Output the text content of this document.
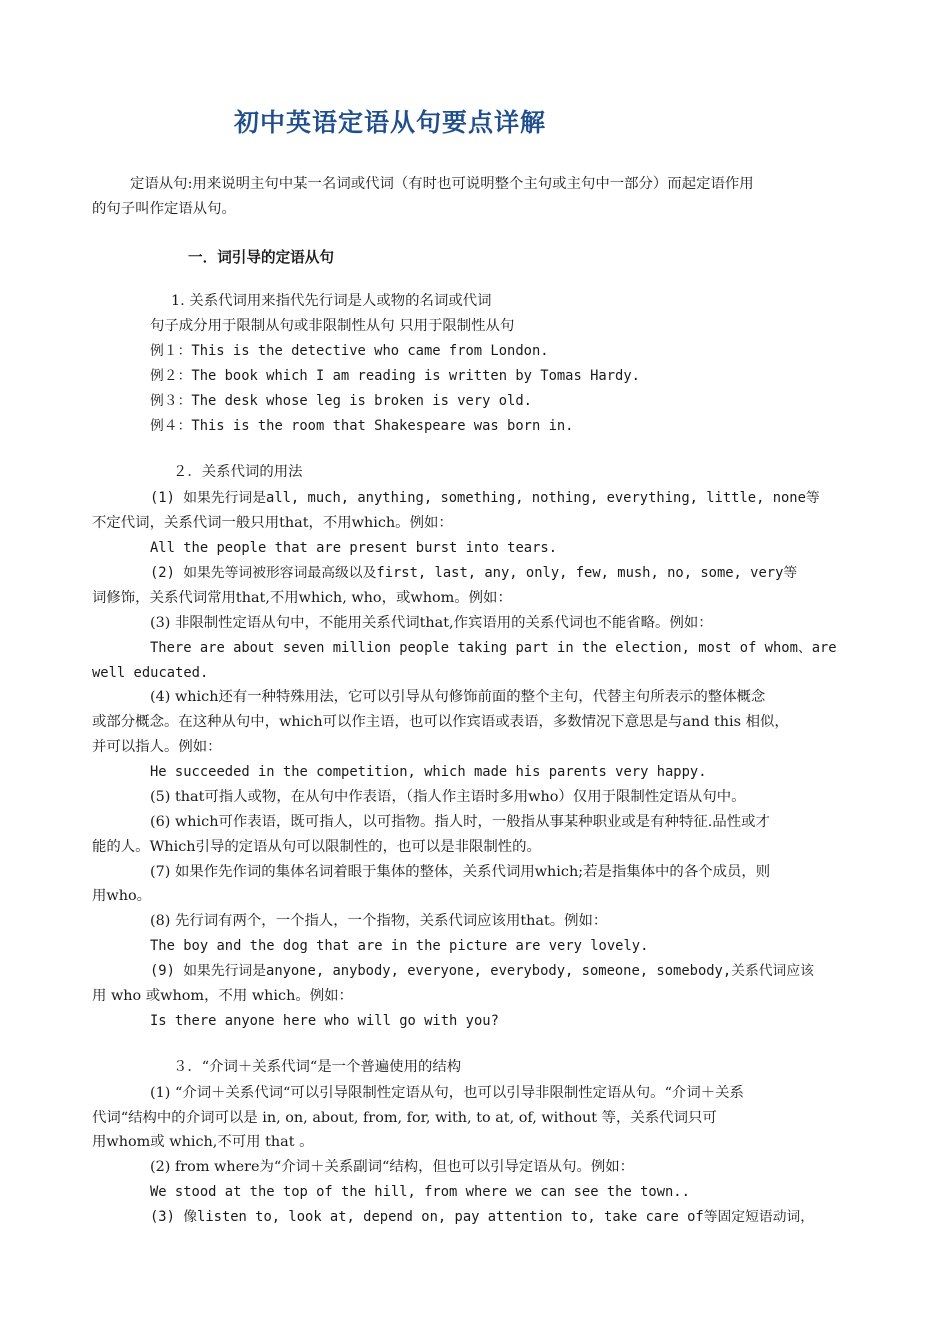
初中英语定语从句要点详解
定语从句:用来说明主句中某一名词或代词（有时也可说明整个主句或主句中一部分）而起定语作用
的句子叫作定语从句。
一．词引导的定语从句
1. 关系代词用来指代先行词是人或物的名词或代词
句子成分用于限制从句或非限制性从句 只用于限制性从句
例１：This is the detective who came from London.
例２：The book which I am reading is written by Tomas Hardy.
例３：The desk whose leg is broken is very old.
例４：This is the room that Shakespeare was born in.
２．关系代词的用法
(1) 如果先行词是all, much, anything, something, nothing, everything, little, none等
不定代词，关系代词一般只用that，不用which。例如：
All the people that are present burst into tears.
(2) 如果先等词被形容词最高级以及first, last, any, only, few, mush, no, some, very等
词修饰，关系代词常用that,不用which, who，或whom。例如：
(3) 非限制性定语从句中，不能用关系代词that,作宾语用的关系代词也不能省略。例如：
There are about seven million people taking part in the election, most of whom、are
well educated.
(4) which还有一种特殊用法，它可以引导从句修饰前面的整个主句，代替主句所表示的整体概念
或部分概念。在这种从句中，which可以作主语，也可以作宾语或表语，多数情况下意思是与and this 相似，
并可以指人。例如：
He succeeded in the competition, which made his parents very happy.
(5) that可指人或物，在从句中作表语，（指人作主语时多用who）仅用于限制性定语从句中。
(6) which可作表语，既可指人，以可指物。指人时，一般指从事某种职业或是有种特征.品性或才
能的人。Which引导的定语从句可以限制性的，也可以是非限制性的。
(7) 如果作先作词的集体名词着眼于集体的整体，关系代词用which;若是指集体中的各个成员，则
用who。
(8) 先行词有两个，一个指人，一个指物，关系代词应该用that。例如：
The boy and the dog that are in the picture are very lovely.
(9) 如果先行词是anyone, anybody, everyone, everybody, someone, somebody,关系代词应该
用 who 或whom，不用 which。例如：
Is there anyone here who will go with you?
３．“介词＋关系代词“是一个普遍使用的结构
(1) “介词＋关系代词“可以引导限制性定语从句，也可以引导非限制性定语从句。“介词＋关系
代词“结构中的介词可以是 in, on, about, from, for, with, to at, of, without 等，关系代词只可
用whom或 which,不可用 that 。
(2) from where为“介词＋关系副词“结构，但也可以引导定语从句。例如：
We stood at the top of the hill, from where we can see the town..
(3) 像listen to, look at, depend on, pay attention to, take care of等固定短语动词，
